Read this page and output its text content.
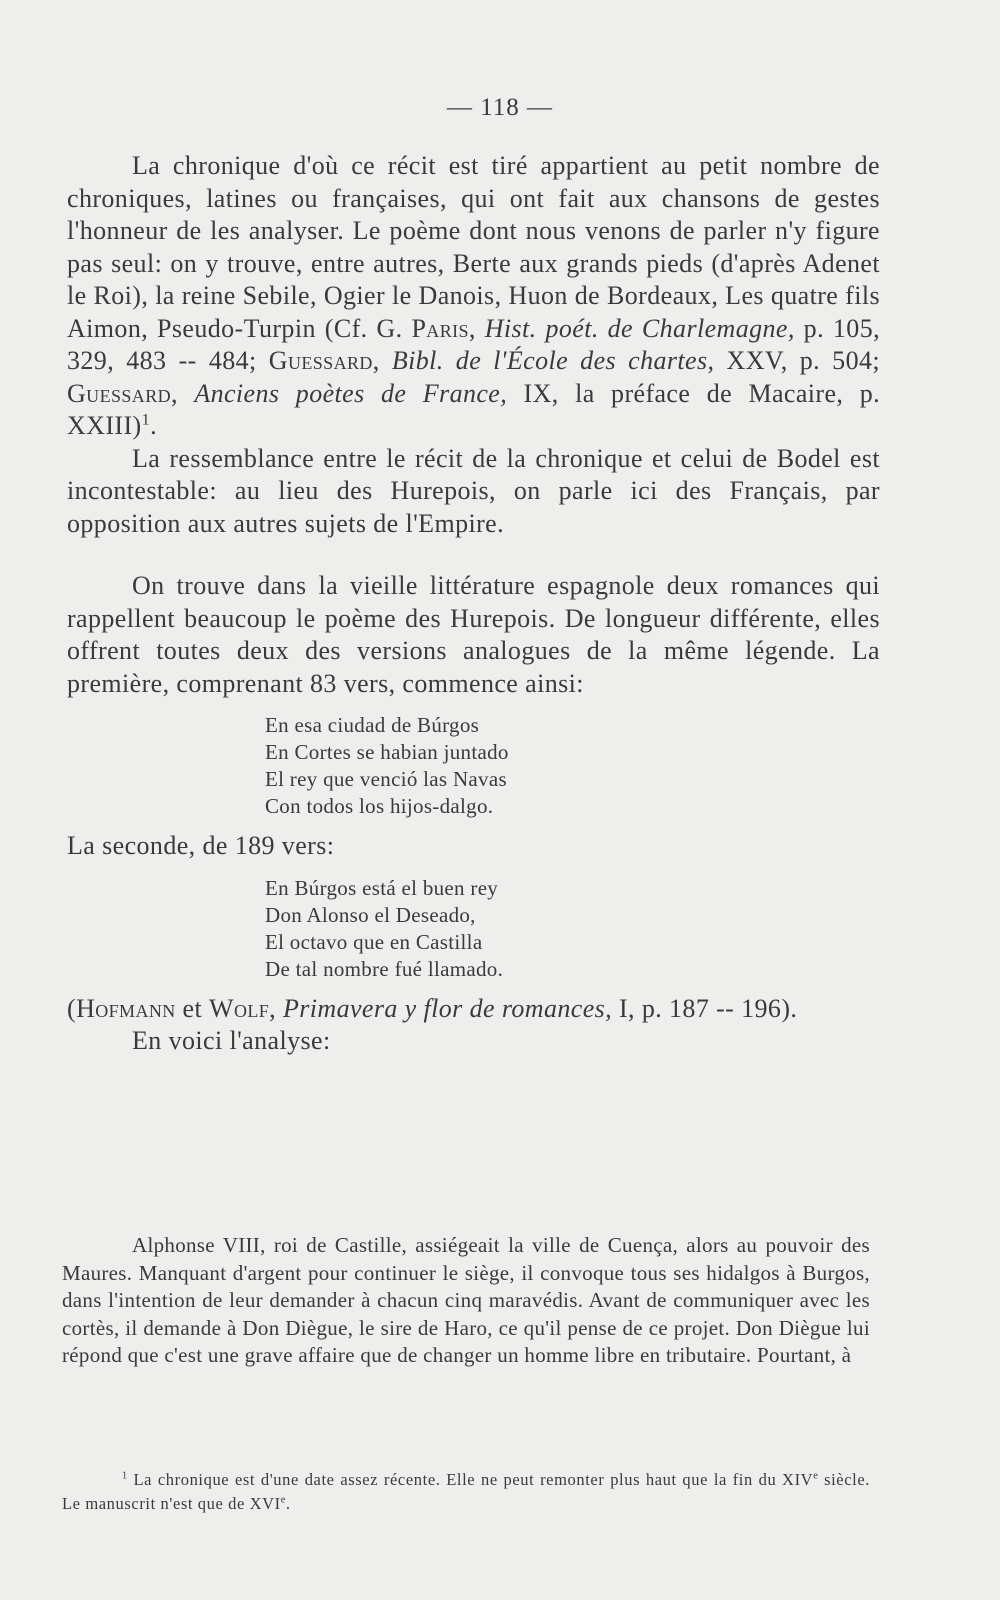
— 118 —

La chronique d'où ce récit est tiré appartient au petit nombre de chroniques, latines ou françaises, qui ont fait aux chansons de gestes l'honneur de les analyser. Le poème dont nous venons de parler n'y figure pas seul: on y trouve, entre autres, Berte aux grands pieds (d'après Adenet le Roi), la reine Sebile, Ogier le Danois, Huon de Bordeaux, Les quatre fils Aimon, Pseudo-Turpin (Cf. G. Paris, Hist. poét. de Charlemagne, p. 105, 329, 483 -- 484; Guessard, Bibl. de l'École des chartes, XXV, p. 504; Guessard, Anciens poètes de France, IX, la préface de Macaire, p. XXIII)$^1$.

La ressemblance entre le récit de la chronique et celui de Bodel est incontestable: au lieu des Hurepois, on parle ici des Français, par opposition aux autres sujets de l'Empire.

On trouve dans la vieille littérature espagnole deux romances qui rappellent beaucoup le poème des Hurepois. De longueur différente, elles offrent toutes deux des versions analogues de la même légende. La première, comprenant 83 vers, commence ainsi:

En esa ciudad de Búrgos
En Cortes se habian juntado
El rey que venció las Navas
Con todos los hijos-dalgo.

La seconde, de 189 vers:

En Búrgos está el buen rey
Don Alonso el Deseado,
El octavo que en Castilla
De tal nombre fué llamado.

(Hofmann et Wolf, Primavera y flor de romances, I, p. 187 -- 196).

En voici l'analyse:

Alphonse VIII, roi de Castille, assiégeait la ville de Cuença, alors au pouvoir des Maures. Manquant d'argent pour continuer le siège, il convoque tous ses hidalgos à Burgos, dans l'intention de leur demander à chacun cinq maravédis. Avant de communiquer avec les cortès, il demande à Don Diègue, le sire de Haro, ce qu'il pense de ce projet. Don Diègue lui répond que c'est une grave affaire que de changer un homme libre en tributaire. Pourtant, à

$^1$ La chronique est d'une date assez récente. Elle ne peut remonter plus haut que la fin du XIVe siècle. Le manuscrit n'est que de XVIe.
